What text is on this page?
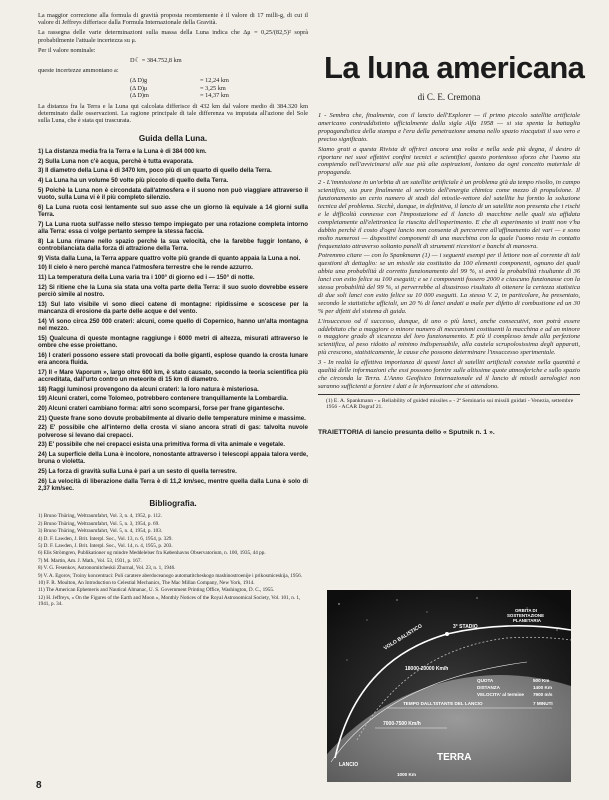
La maggior correzione alla formula di gravità proposta recentemente è il valore di 17 milli-g, di cui il valore di Jeffreys differisce dalla Formula Internazionale della Gravità.

La rassegna delle varie determinazioni sulla massa della Luna indica che Δμ = 0,25/(82,5)² soprà probabilmente l'attuale incertezza su μ.

Per il valore nominale:

D☾ = 384.752,8 km

queste incertezze ammontano a:

(Δ D)g	= 12,24 km
(Δ D)μ	= 3,25 km
(Δ D)m	= 14,37 km

La distanza fra la Terra e la Luna qui calcolata differisce di 432 km dal valore medio di 384.320 km determinato dalle osservazioni. La ragione principale di tale differenza va imputata all'azione del Sole sulla Luna, che è stata qui trascurata.

Guida della Luna.

1) La distanza media fra la Terra e la Luna è di 384 000 km.

2) Sulla Luna non c'è acqua, perchè è tutta evaporata.

3) Il diametro della Luna è di 3470 km, poco più di un quarto di quello della Terra.

4) La Luna ha un volume 50 volte più piccolo di quello della Terra.

5) Poichè la Luna non è circondata dall'atmosfera e il suono non può viaggiare attraverso il vuoto, sulla Luna vi è il più completo silenzio.

6) La Luna ruota così lentamente sul suo asse che un giorno là equivale a 14 giorni sulla Terra.

7) La Luna ruota sull'asse nello stesso tempo impiegato per una rotazione completa intorno alla Terra: essa ci volge pertanto sempre la stessa faccia.

8) La Luna rimane nello spazio perchè la sua velocità, che la farebbe fuggir lontano, è controbilanciata dalla forza di attrazione della Terra.

9) Vista dalla Luna, la Terra appare quattro volte più grande di quanto appaia la Luna a noi.

10) Il cielo è nero perchè manca l'atmosfera terrestre che le rende azzurro.

11) La temperatura della Luna varia tra i 100° di giorno ed i — 150° di notte.

12) Si ritiene che la Luna sia stata una volta parte della Terra: il suo suolo dovrebbe essere perciò simile al nostro.

13) Sul lato visibile vi sono dieci catene di montagne: ripidissime e scoscese per la mancanza di erosione da parte delle acque e del vento.

14) Vi sono circa 250 000 crateri: alcuni, come quello di Copernico, hanno un'alta montagna nel mezzo.

15) Qualcuna di queste montagne raggiunge i 6000 metri di altezza, misurati attraverso le ombre che esse proiettano.

16) I crateri possono essere stati provocati da bolle giganti, esplose quando la crosta lunare era ancora fluida.

17) Il « Mare Vaporum », largo oltre 600 km, è stato causato, secondo la teoria scientifica più accreditata, dall'urto contro un meteorite di 15 km di diametro.

18) Raggi luminosi provengono da alcuni crateri: la loro natura è misteriosa.

19) Alcuni crateri, come Tolomeo, potrebbero contenere tranquillamente la Lombardia.

20) Alcuni crateri cambiano forma: altri sono scomparsi, forse per frane gigantesche.

21) Queste frane sono dovute probabilmente al divario delle temperature minime e massime.

22) E' possibile che all'interno della crosta vi siano ancora strati di gas: talvolta nuvole polverose si levano dai crepacci.

23) E' possibile che nei crepacci esista una primitiva forma di vita animale e vegetale.

24) La superficie della Luna è incolore, nonostante attraverso i telescopi appaia talora verde, bruna o violetta.

25) La forza di gravità sulla Luna è pari a un sesto di quella terrestre.

26) La velocità di liberazione dalla Terra è di 11,2 km/sec, mentre quella dalla Luna è solo di 2,37 km/sec.

Bibliografia.

1) Bruno Thüring, Weltraumfahrt, Vol. 3, n. 4, 1952, p. 112.

2) Bruno Thüring, Weltraumfahrt, Vol. 5, n. 3, 1954, p. 69.

3) Bruno Thüring, Weltraumfahrt, Vol. 5, n. 4, 1954, p. 103.

4) D. F. Lawden, J. Brit. Interpl. Soc., Vol. 13, n. 6, 1954, p. 329.

5) D. F. Lawden, J. Brit. Interpl. Soc., Vol. 14, n. 4, 1955, p. 203.

6) Elis Strömgren, Publikationer og mindre Meddelelser fra Københavns Observatorium, n. 100, 1935, 44 pp.

7) M. Martin, Am. J. Math., Vol. 53, 1931, p. 167.

8) V. G. Fesenkov, Astronomitcheskii Zhurnal, Vol. 23, n. 1, 1946.

9) V. A. Egorov, Troiny koncentraci: Poli caratere aberdoceanogo automatitcheskogo mashinostroenije i prikosmiceskija, 1956.

10) F. R. Moulton, An Introduction to Celestial Mechanics, The Mac Millan Company, New York, 1914.

11) The American Ephemeris and Nautical Almanac, U. S. Government Printing Office, Washington, D. C., 1955.

12) H. Jeffreys, « On the Figures of the Earth and Moon », Monthly Notices of the Royal Astronomical Society, Vol. 101, n. 1, 1941, p. 34.

8
La luna americana
di C. E. Cremona

1 - Sembra che, finalmente, con il lancio dell'Explorer — il primo piccolo satellite artificiale americano contraddistinto ufficialmente dalla sigla Alfa 1958 — si sia spenta la battaglia propagandistica della stampa e l'era della penetrazione umana nello spazio riacquisti il suo vero e preciso significato.

Siamo grati a questa Rivista di offrirci ancora una volta e nella sede più degna, il destro di riportare nei suoi effettivi confini tecnici e scientifici questo portentoso sforzo che l'uomo sta compiendo nell'avvicinarsi alle sue più alte aspirazioni, lontano da ogni concetto materiale di propaganda.

2 - L'immissione in un'orbita di un satellite artificiale è un problema già da tempo risolto, in campo scientifico, sia pure finalmente al servizio dell'energia chimica come mezzo di propulsione. Il funzionamento un certo numero di stadi del missile-vettore del satellite ha fornito la soluzione tecnica del problema. Sicchè, dunque, in definitiva, il lancio di un satellite non presenta che i rischi e le difficoltà connesse con l'impostazione ed il lancio di macchine nelle quali sia affidata completamente all'elettronica la riuscita dell'esperimento. E che di esperimento si tratti non v'ha dubbio perchè il costo d'ogni lancio non consente di percorrere all'affinamento dei vari — e sono molto numerosi — dispositivi componenti di una macchina con la quale l'uomo resta in contatto frequenziato attraverso soltanto panelli di strumenti ricevitori e banchi di manovra.

Potremmo citare — con lo Spankmann (1) — i seguenti esempi per il lettore non al corrente di tali questioni di dettaglio: se un missile sia costituito da 100 elementi componenti, ognuno dei quali abbia una probabilità di corretto funzionamento del 99 %, si avrà la probabilità risultante di 36 lanci con esito felice su 100 eseguiti; e se i componenti fossero 2000 e ciascuno funzionasse con la stessa probabilità del 99 %, si perverrebbe al disastroso risultato di ottenere la certezza statistica di due soli lanci con esito felice su 10 000 eseguiti. La stessa V. 2, in particolare, ha presentato, secondo le statistiche ufficiali, un 20 % di lanci andati a male per difetto di combustione ed un 30 % per difetti del sistema di guida.

L'insuccesso od il successo, dunque, di uno o più lanci, anche consecutivi, non potrà essere addebitato che a maggiore o minore numero di meccanismi costituenti la macchina e ad un minore o maggiore grado di sicurezza del loro funzionamento. E più il complesso tende alla perfezione scientifica, al peso ridotto al minimo indispensabile, alla cautela scrupolosissima degli apparati, più crescono, statisticamente, le cause che possono determinare l'insuccesso sperimentale.

3 - In realtà la effettiva importanza di questi lanci di satelliti artificiali consiste nella quantità e qualità delle informazioni che essi possono fornire sulle altissime quote atmosferiche e sullo spazio che circonda la Terra. L'Anno Geofisico Internazionale ed il lancio di missili aerologici non saranno sufficienti a fornire i dati e le informazioni che si attendono.

(1) E. A. Spankmann - « Reliability of guided missiles » - 2ª Seminario sui missili guidati - Venezia, settembre 1956 - ACAR Dograf 21.
TRAIETTORIA di lancio presunta dello « Sputnik n. 1 ».
VOLO BALISTICO	3° STADIO
ORBITA DI SOSTENTAZIONE PLANETARIA
18000-20000 Km/h
QUOTA
DISTANZA
VELOCITA' al termine
500 Km
1400 Km
7900 m/s
TEMPO DALL'ISTANTE DEL LANCIO	7 MINUTI
7000-7500 Km/h
LANCIO
TERRA
1000 Km
